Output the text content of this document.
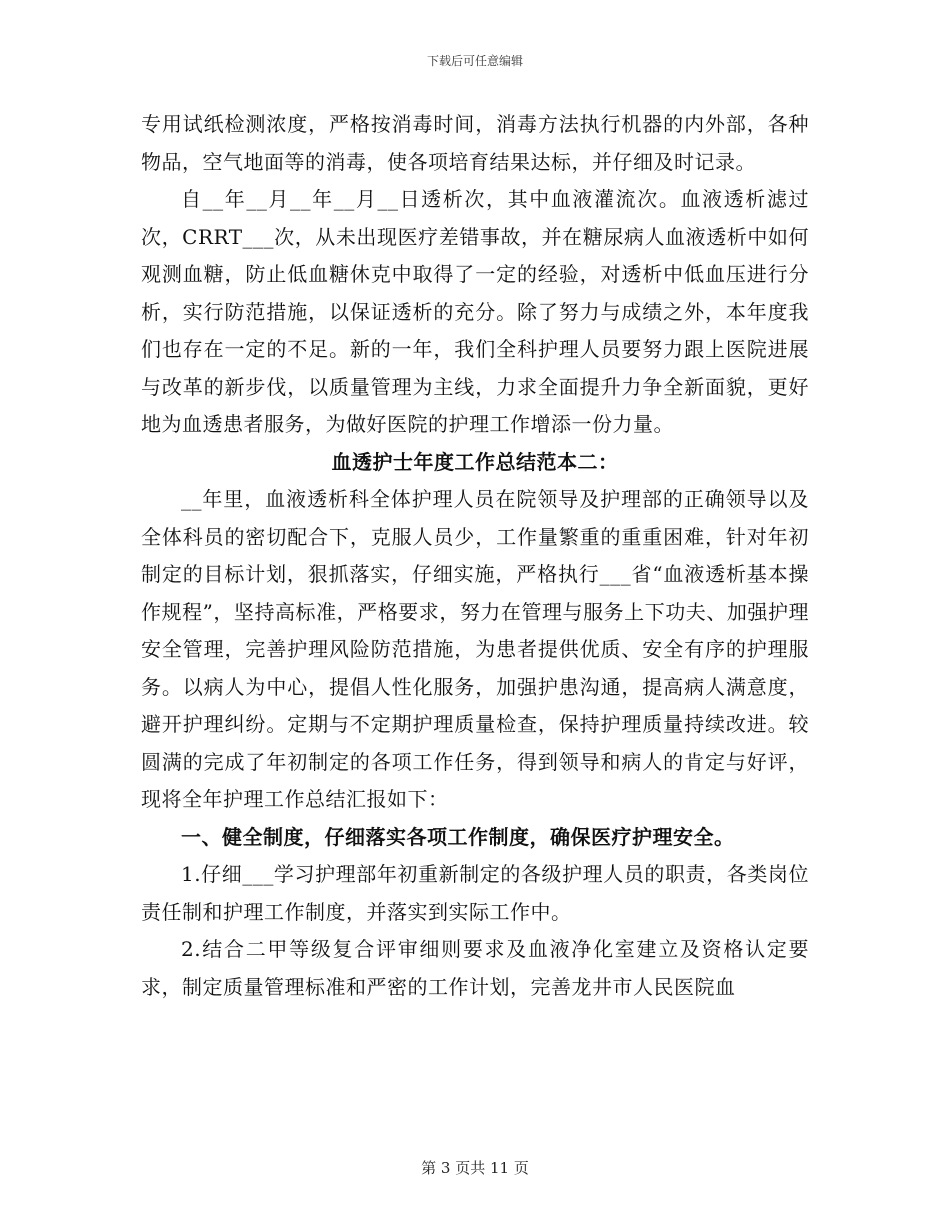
下载后可任意编辑

专用试纸检测浓度，严格按消毒时间，消毒方法执行机器的内外部，各种物品，空气地面等的消毒，使各项培育结果达标，并仔细及时记录。

自__年__月__年__月__日透析次，其中血液灌流次。血液透析滤过次，CRRT___次，从未出现医疗差错事故，并在糖尿病人血液透析中如何观测血糖，防止低血糖休克中取得了一定的经验，对透析中低血压进行分析，实行防范措施，以保证透析的充分。除了努力与成绩之外，本年度我们也存在一定的不足。新的一年，我们全科护理人员要努力跟上医院进展与改革的新步伐，以质量管理为主线，力求全面提升力争全新面貌，更好地为血透患者服务，为做好医院的护理工作增添一份力量。

血透护士年度工作总结范本二：

__年里，血液透析科全体护理人员在院领导及护理部的正确领导以及全体科员的密切配合下，克服人员少，工作量繁重的重重困难，针对年初制定的目标计划，狠抓落实，仔细实施，严格执行___省“血液透析基本操作规程”，坚持高标准，严格要求，努力在管理与服务上下功夫、加强护理安全管理，完善护理风险防范措施，为患者提供优质、安全有序的护理服务。以病人为中心，提倡人性化服务，加强护患沟通，提高病人满意度，避开护理纠纷。定期与不定期护理质量检查，保持护理质量持续改进。较圆满的完成了年初制定的各项工作任务，得到领导和病人的肯定与好评，现将全年护理工作总结汇报如下：

一、健全制度，仔细落实各项工作制度，确保医疗护理安全。

1.仔细___学习护理部年初重新制定的各级护理人员的职责，各类岗位责任制和护理工作制度，并落实到实际工作中。

2.结合二甲等级复合评审细则要求及血液净化室建立及资格认定要求，制定质量管理标准和严密的工作计划，完善龙井市人民医院血

第 3 页共 11 页
